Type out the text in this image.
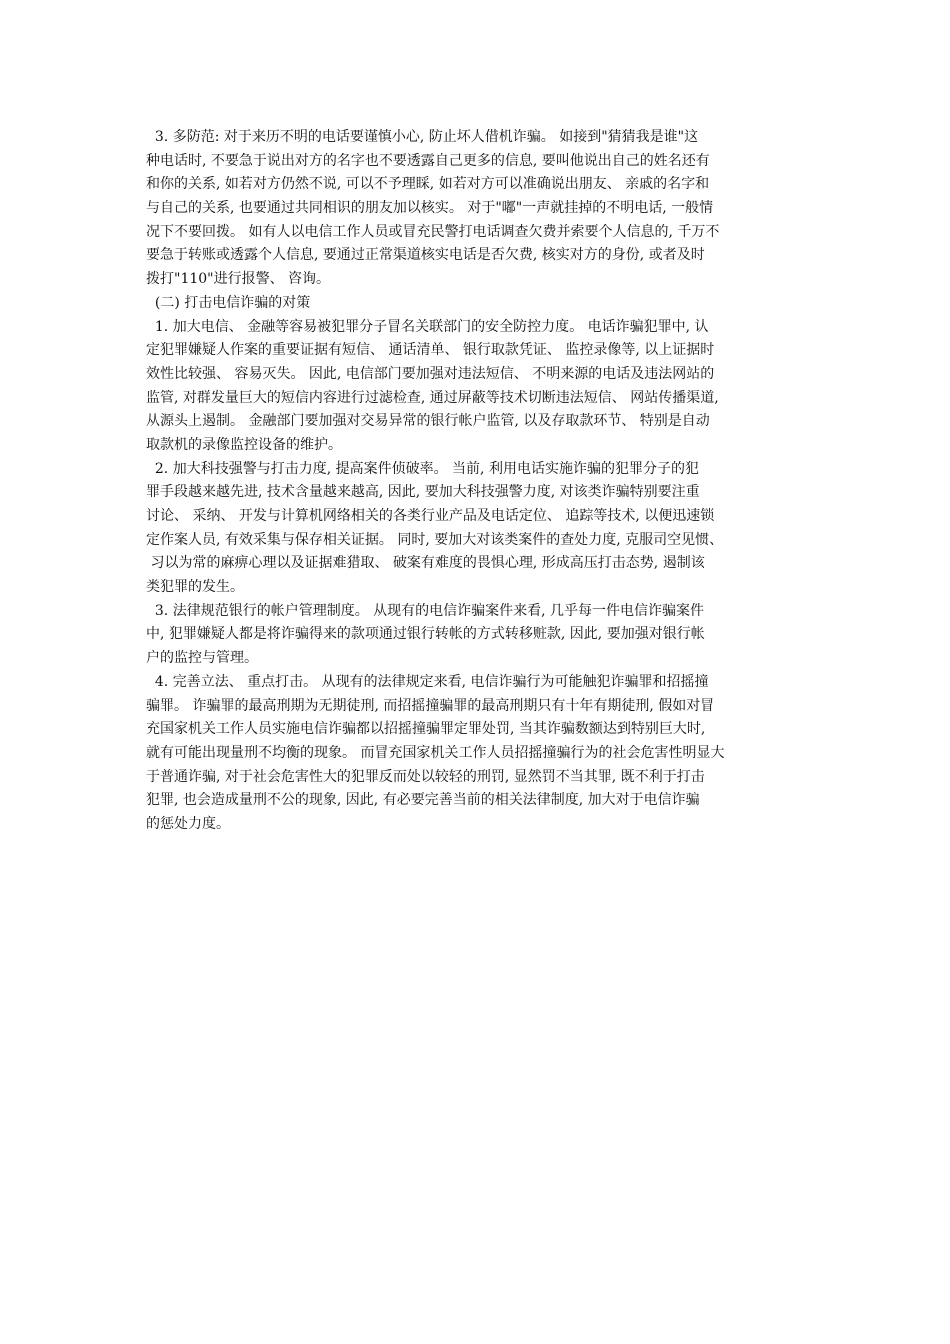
3. 多防范: 对于来历不明的电话要谨慎小心, 防止坏人借机诈骗。 如接到"猜猜我是谁"这
种电话时, 不要急于说出对方的名字也不要透露自己更多的信息, 要叫他说出自己的姓名还有
和你的关系, 如若对方仍然不说, 可以不予理睬, 如若对方可以准确说出朋友、 亲戚的名字和
与自己的关系, 也要通过共同相识的朋友加以核实。 对于"嘟"一声就挂掉的不明电话, 一般情
况下不要回拨。 如有人以电信工作人员或冒充民警打电话调查欠费并索要个人信息的, 千万不
要急于转账或透露个人信息, 要通过正常渠道核实电话是否欠费, 核实对方的身份, 或者及时
拨打"110"进行报警、 咨询。
(二) 打击电信诈骗的对策
1. 加大电信、 金融等容易被犯罪分子冒名关联部门的安全防控力度。 电话诈骗犯罪中, 认
定犯罪嫌疑人作案的重要证据有短信、 通话清单、 银行取款凭证、 监控录像等, 以上证据时
效性比较强、 容易灭失。 因此, 电信部门要加强对违法短信、 不明来源的电话及违法网站的
监管, 对群发量巨大的短信内容进行过滤检查, 通过屏蔽等技术切断违法短信、 网站传播渠道,
从源头上遏制。 金融部门要加强对交易异常的银行帐户监管, 以及存取款环节、 特别是自动
取款机的录像监控设备的维护。
2. 加大科技强警与打击力度, 提高案件侦破率。 当前, 利用电话实施诈骗的犯罪分子的犯
罪手段越来越先进, 技术含量越来越高, 因此, 要加大科技强警力度, 对该类诈骗特别要注重
讨论、 采纳、 开发与计算机网络相关的各类行业产品及电话定位、 追踪等技术, 以便迅速锁
定作案人员, 有效采集与保存相关证据。 同时, 要加大对该类案件的查处力度, 克服司空见惯、
习以为常的麻痹心理以及证据难猎取、 破案有难度的畏惧心理, 形成高压打击态势, 遏制该
类犯罪的发生。
3. 法律规范银行的帐户管理制度。 从现有的电信诈骗案件来看, 几乎每一件电信诈骗案件
中, 犯罪嫌疑人都是将诈骗得来的款项通过银行转帐的方式转移赃款, 因此, 要加强对银行帐
户的监控与管理。
4. 完善立法、 重点打击。 从现有的法律规定来看, 电信诈骗行为可能触犯诈骗罪和招摇撞
骗罪。 诈骗罪的最高刑期为无期徒刑, 而招摇撞骗罪的最高刑期只有十年有期徒刑, 假如对冒
充国家机关工作人员实施电信诈骗都以招摇撞骗罪定罪处罚, 当其诈骗数额达到特别巨大时,
就有可能出现量刑不均衡的现象。 而冒充国家机关工作人员招摇撞骗行为的社会危害性明显大
于普通诈骗, 对于社会危害性大的犯罪反而处以较轻的刑罚, 显然罚不当其罪, 既不利于打击
犯罪, 也会造成量刑不公的现象, 因此, 有必要完善当前的相关法律制度, 加大对于电信诈骗
的惩处力度。
